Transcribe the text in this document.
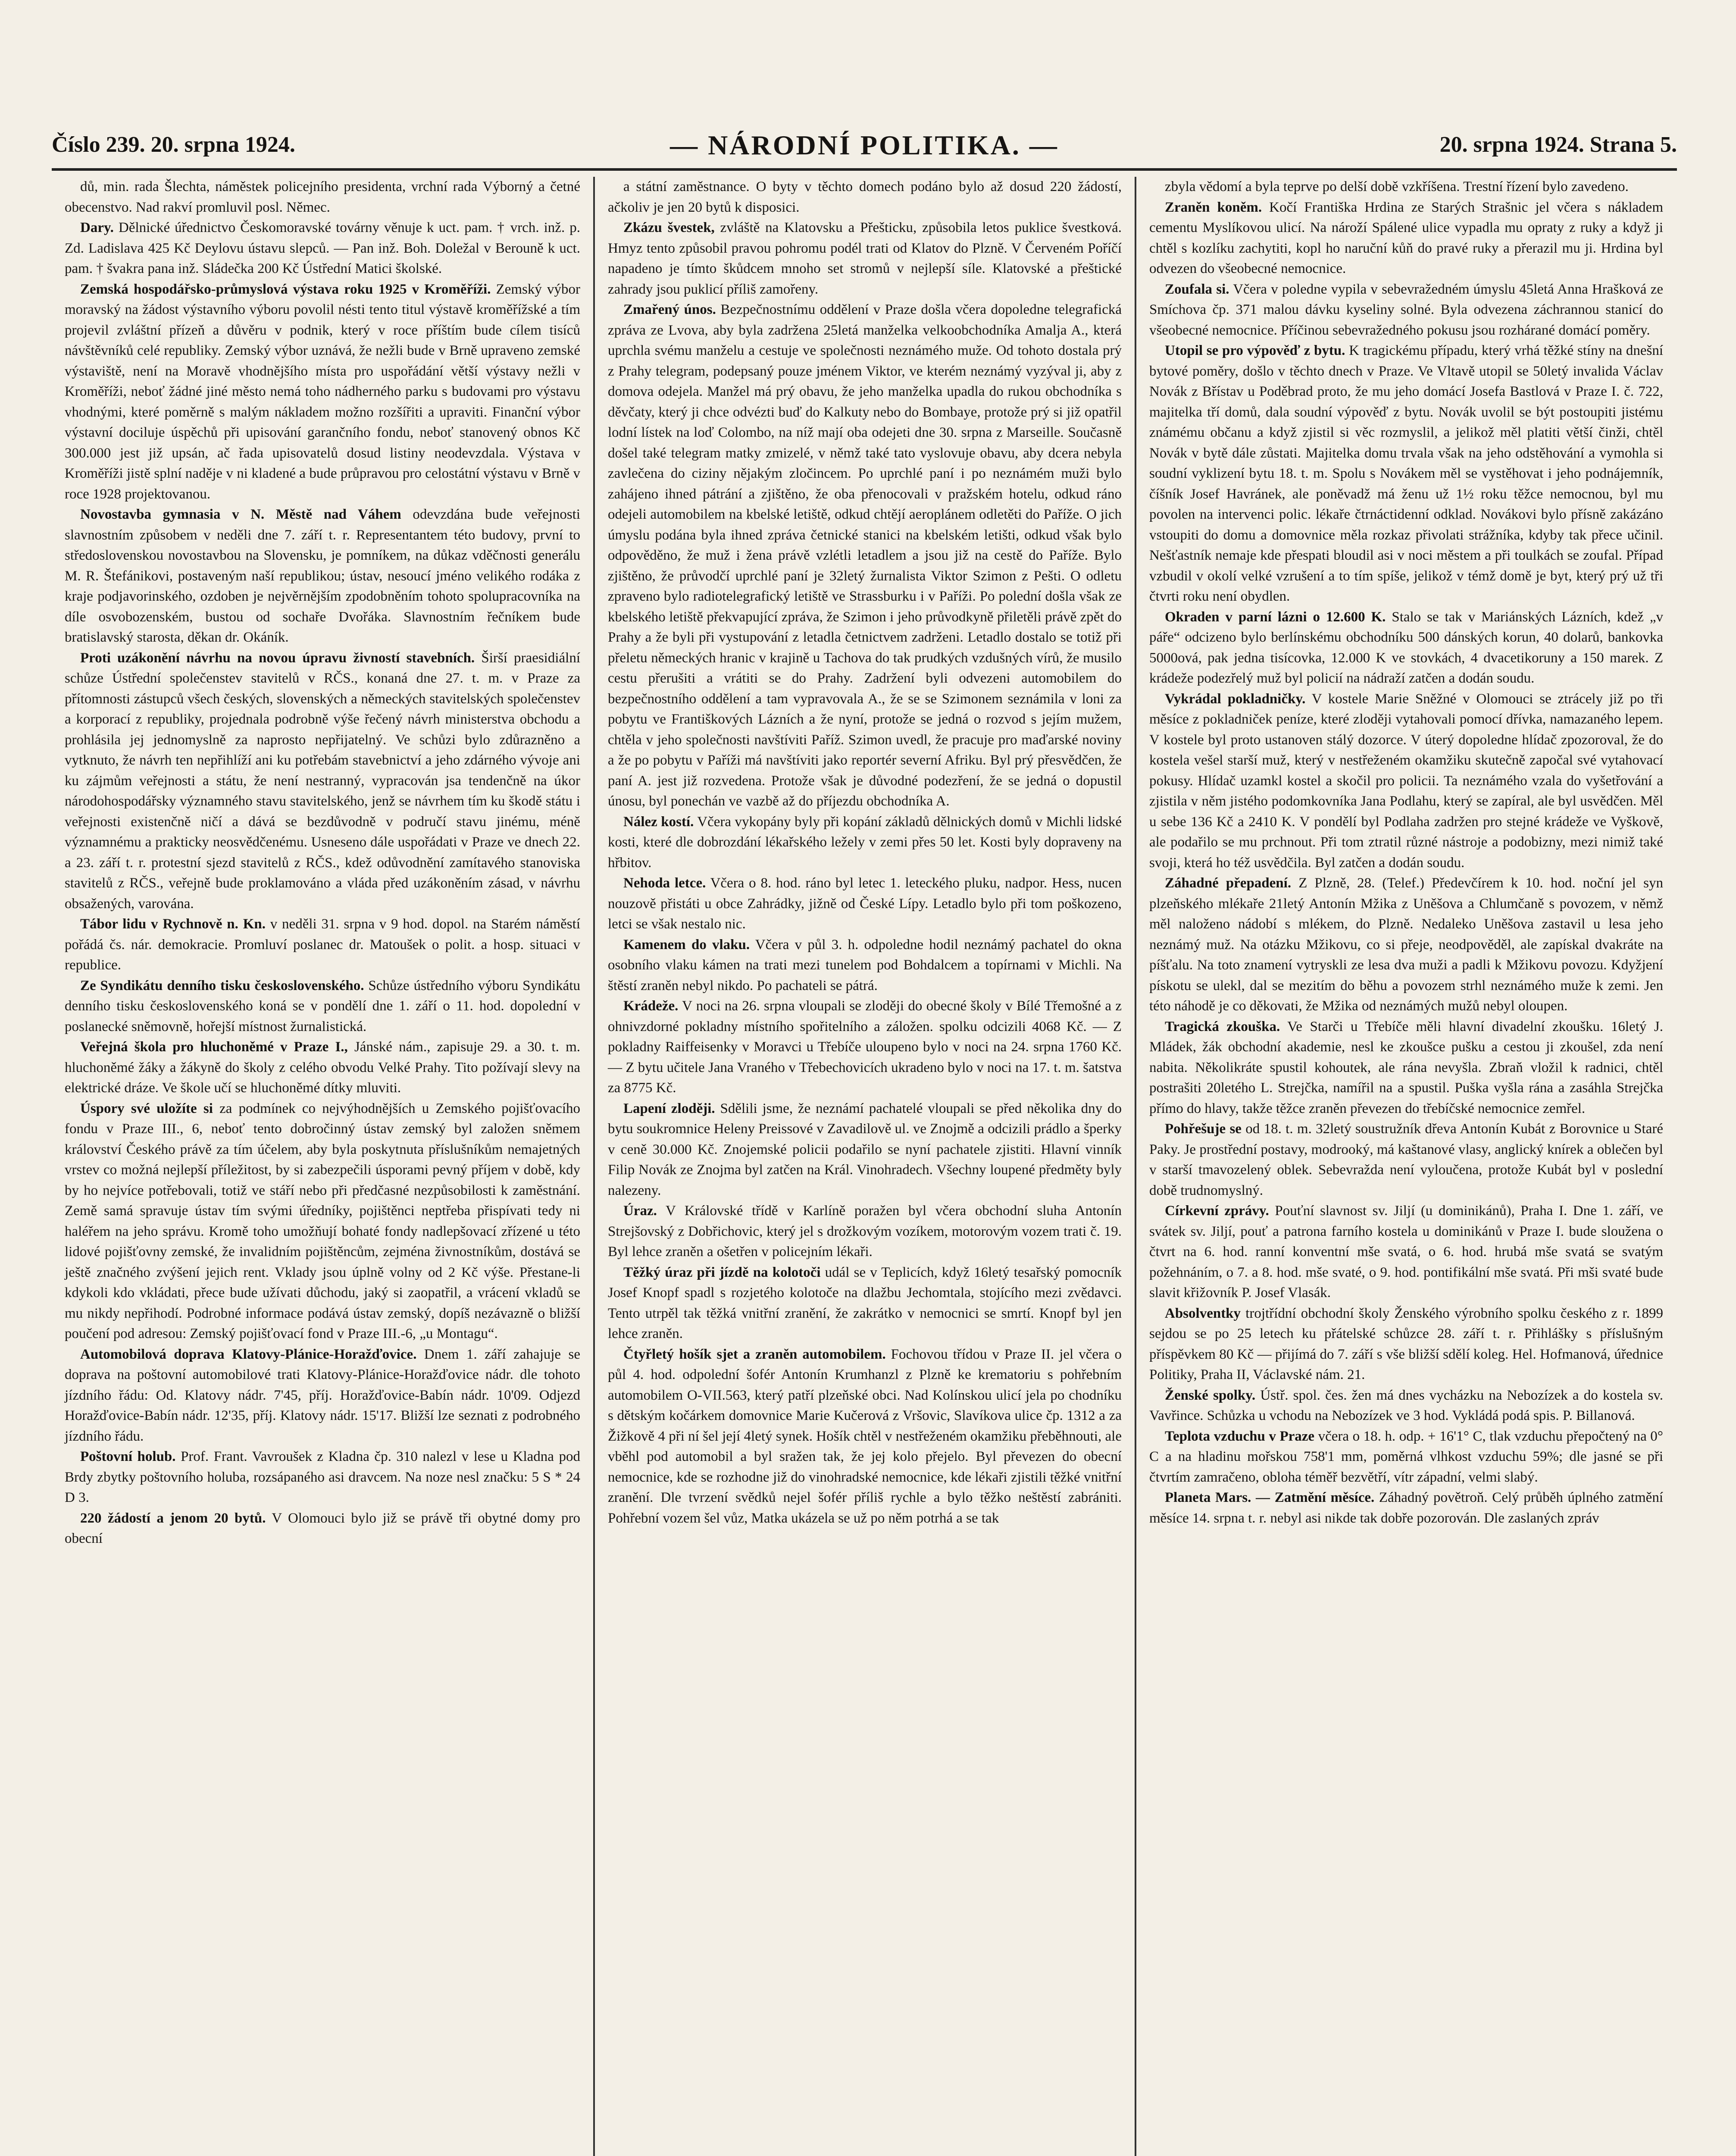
Číslo 239. 20. srpna 1924.	— NÁRODNÍ POLITIKA. —	20. srpna 1924. Strana 5.

dů, min. rada Šlechta, náměstek policejního presidenta, vrchní rada Výborný a četné obecenstvo. Nad rakví promluvil posl. Němec.

Dary. Dělnické úřednictvo Českomoravské továrny věnuje k uct. pam. † vrch. inž. p. Zd. Ladislava 425 Kč Deylovu ústavu slepců. — Pan inž. Boh. Doležal v Berouně k uct. pam. † švakra pana inž. Sládečka 200 Kč Ústřední Matici školské.

Zemská hospodářsko-průmyslová výstava roku 1925 v Kroměříži. Zemský výbor moravský na žádost výstavního výboru povolil nésti tento titul výstavě kroměřížské a tím projevil zvláštní přízeň a důvěru v podnik, který v roce příštím bude cílem tisíců návštěvníků celé republiky. Zemský výbor uznává, že nežli bude v Brně upraveno zemské výstaviště, není na Moravě vhodnějšího místa pro uspořádání větší výstavy nežli v Kroměříži, neboť žádné jiné město nemá toho nádherného parku s budovami pro výstavu vhodnými, které poměrně s malým nákladem možno rozšířiti a upraviti. Finanční výbor výstavní dociluje úspěchů při upisování garančního fondu, neboť stanovený obnos Kč 300.000 jest již upsán, ač řada upisovatelů dosud listiny neodevzdala. Výstava v Kroměříži jistě splní naděje v ni kladené a bude průpravou pro celostátní výstavu v Brně v roce 1928 projektovanou.

Novostavba gymnasia v N. Městě nad Váhem odevzdána bude veřejnosti slavnostním způsobem v neděli dne 7. září t. r. Representantem této budovy, první to středoslovenskou novostavbou na Slovensku, je pomníkem, na důkaz vděčnosti generálu M. R. Štefánikovi, postaveným naší republikou; ústav, nesoucí jméno velikého rodáka z kraje podjavorinského, ozdoben je nejvěrnějším zpodobněním tohoto spolupracovníka na díle osvobozenském, bustou od sochaře Dvořáka. Slavnostním řečníkem bude bratislavský starosta, děkan dr. Okáník.

Proti uzákonění návrhu na novou úpravu živností stavebních. Širší praesidiální schůze Ústřední společenstev stavitelů v RČS., konaná dne 27. t. m. v Praze za přítomnosti zástupců všech českých, slovenských a německých stavitelských společenstev a korporací z republiky, projednala podrobně výše řečený návrh ministerstva obchodu a prohlásila jej jednomyslně za naprosto nepřijatelný. Ve schůzi bylo zdůrazněno a vytknuto, že návrh ten nepřihlíží ani ku potřebám stavebnictví a jeho zdárného vývoje ani ku zájmům veřejnosti a státu, že není nestranný, vypracován jsa tendenčně na úkor národohospodářsky významného stavu stavitelského, jenž se návrhem tím ku škodě státu i veřejnosti existenčně ničí a dává se bezdůvodně v područí stavu jinému, méně významnému a prakticky neosvědčenému. Usneseno dále uspořádati v Praze ve dnech 22. a 23. září t. r. protestní sjezd stavitelů z RČS., kdež odůvodnění zamítavého stanoviska stavitelů z RČS., veřejně bude proklamováno a vláda před uzákoněním zásad, v návrhu obsažených, varována.

Tábor lidu v Rychnově n. Kn. v neděli 31. srpna v 9 hod. dopol. na Starém náměstí pořádá čs. nár. demokracie. Promluví poslanec dr. Matoušek o polit. a hosp. situaci v republice.

Ze Syndikátu denního tisku československého. Schůze ústředního výboru Syndikátu denního tisku československého koná se v pondělí dne 1. září o 11. hod. dopolední v poslanecké sněmovně, hořejší místnost žurnalistická.

Veřejná škola pro hluchoněmé v Praze I., Jánské nám., zapisuje 29. a 30. t. m. hluchoněmé žáky a žákyně do školy z celého obvodu Velké Prahy. Tito požívají slevy na elektrické dráze. Ve škole učí se hluchoněmé dítky mluviti.

Úspory své uložíte si za podmínek co nejvýhodnějších u Zemského pojišťovacího fondu v Praze III., 6, neboť tento dobročinný ústav zemský byl založen sněmem království Českého právě za tím účelem, aby byla poskytnuta příslušníkům nemajetných vrstev co možná nejlepší příležitost, by si zabezpečili úsporami pevný příjem v době, kdy by ho nejvíce potřebovali, totiž ve stáří nebo při předčasné nezpůsobilosti k zaměstnání. Země samá spravuje ústav tím svými úředníky, pojištěnci neptřeba přispívati tedy ni haléřem na jeho správu. Kromě toho umožňují bohaté fondy nadlepšovací zřízené u této lidové pojišťovny zemské, že invalidním pojištěncům, zejména živnostníkům, dostává se ještě značného zvýšení jejich rent. Vklady jsou úplně volny od 2 Kč výše. Přestane-li kdykoli kdo vkládati, přece bude užívati důchodu, jaký si zaopatřil, a vrácení vkladů se mu nikdy nepřihodí. Podrobné informace podává ústav zemský, dopíš nezávazně o bližší poučení pod adresou: Zemský pojišťovací fond v Praze III.-6, „u Montagu“.

Automobilová doprava Klatovy-Plánice-Horažďovice. Dnem 1. září zahajuje se doprava na poštovní automobilové trati Klatovy-Plánice-Horažďovice nádr. dle tohoto jízdního řádu: Od. Klatovy nádr. 7'45, příj. Horažďovice-Babín nádr. 10'09. Odjezd Horažďovice-Babín nádr. 12'35, příj. Klatovy nádr. 15'17. Bližší lze seznati z podrobného jízdního řádu.

Poštovní holub. Prof. Frant. Vavroušek z Kladna čp. 310 nalezl v lese u Kladna pod Brdy zbytky poštovního holuba, rozsápaného asi dravcem. Na noze nesl značku: 5 S * 24 D 3.

220 žádostí a jenom 20 bytů. V Olomouci bylo již se právě tři obytné domy pro obecní

a státní zaměstnance. O byty v těchto domech podáno bylo až dosud 220 žádostí, ačkoliv je jen 20 bytů k disposici.

Zkázu švestek, zvláště na Klatovsku a Přešticku, způsobila letos puklice švestková. Hmyz tento způsobil pravou pohromu podél trati od Klatov do Plzně. V Červeném Poříčí napadeno je tímto škůdcem mnoho set stromů v nejlepší síle. Klatovské a přeštické zahrady jsou puklicí příliš zamořeny.

Zmařený únos. Bezpečnostnímu oddělení v Praze došla včera dopoledne telegrafická zpráva ze Lvova, aby byla zadržena 25letá manželka velkoobchodníka Amalja A., která uprchla svému manželu a cestuje ve společnosti neznámého muže. Od tohoto dostala prý z Prahy telegram, podepsaný pouze jménem Viktor, ve kterém neznámý vyzýval ji, aby z domova odejela. Manžel má prý obavu, že jeho manželka upadla do rukou obchodníka s děvčaty, který ji chce odvézti buď do Kalkuty nebo do Bombaye, protože prý si již opatřil lodní lístek na loď Colombo, na níž mají oba odejeti dne 30. srpna z Marseille. Současně došel také telegram matky zmizelé, v němž také tato vyslovuje obavu, aby dcera nebyla zavlečena do ciziny nějakým zločincem. Po uprchlé paní i po neznámém muži bylo zahájeno ihned pátrání a zjištěno, že oba přenocovali v pražském hotelu, odkud ráno odejeli automobilem na kbelské letiště, odkud chtějí aeroplánem odletěti do Paříže. O jich úmyslu podána byla ihned zpráva četnické stanici na kbelském letišti, odkud však bylo odpověděno, že muž i žena právě vzlétli letadlem a jsou již na cestě do Paříže. Bylo zjištěno, že průvodčí uprchlé paní je 32letý žurnalista Viktor Szimon z Pešti. O odletu zpraveno bylo radiotelegrafický letiště ve Strassburku i v Paříži. Po polední došla však ze kbelského letiště překvapující zpráva, že Szimon i jeho průvodkyně přiletěli právě zpět do Prahy a že byli při vystupování z letadla četnictvem zadrženi. Letadlo dostalo se totiž při přeletu německých hranic v krajině u Tachova do tak prudkých vzdušných vírů, že musilo cestu přerušiti a vrátiti se do Prahy. Zadržení byli odvezeni automobilem do bezpečnostního oddělení a tam vypravovala A., že se se Szimonem seznámila v loni za pobytu ve Františkových Lázních a že nyní, protože se jedná o rozvod s jejím mužem, chtěla v jeho společnosti navštíviti Paříž. Szimon uvedl, že pracuje pro maďarské noviny a že po pobytu v Paříži má navštíviti jako reportér severní Afriku. Byl prý přesvědčen, že paní A. jest již rozvedena. Protože však je důvodné podezření, že se jedná o dopustil únosu, byl ponechán ve vazbě až do příjezdu obchodníka A.

Nález kostí. Včera vykopány byly při kopání základů dělnických domů v Michli lidské kosti, které dle dobrozdání lékařského ležely v zemi přes 50 let. Kosti byly dopraveny na hřbitov.

Nehoda letce. Včera o 8. hod. ráno byl letec 1. leteckého pluku, nadpor. Hess, nucen nouzově přistáti u obce Zahrádky, jižně od České Lípy. Letadlo bylo při tom poškozeno, letci se však nestalo nic.

Kamenem do vlaku. Včera v půl 3. h. odpoledne hodil neznámý pachatel do okna osobního vlaku kámen na trati mezi tunelem pod Bohdalcem a topírnami v Michli. Na štěstí zraněn nebyl nikdo. Po pachateli se pátrá.

Krádeže. V noci na 26. srpna vloupali se zloději do obecné školy v Bílé Třemošné a z ohnivzdorné pokladny místního spořitelního a záložen. spolku odcizili 4068 Kč. — Z pokladny Raiffeisenky v Moravci u Třebíče uloupeno bylo v noci na 24. srpna 1760 Kč. — Z bytu učitele Jana Vraného v Třebechovicích ukradeno bylo v noci na 17. t. m. šatstva za 8775 Kč.

Lapení zloději. Sdělili jsme, že neznámí pachatelé vloupali se před několika dny do bytu soukromnice Heleny Preissové v Zavadilově ul. ve Znojmě a odcizili prádlo a šperky v ceně 30.000 Kč. Znojemské policii podařilo se nyní pachatele zjistiti. Hlavní vinník Filip Novák ze Znojma byl zatčen na Král. Vinohradech. Všechny loupené předměty byly nalezeny.

Úraz. V Královské třídě v Karlíně poražen byl včera obchodní sluha Antonín Strejšovský z Dobřichovic, který jel s drožkovým vozíkem, motorovým vozem trati č. 19. Byl lehce zraněn a ošetřen v policejním lékaři.

Těžký úraz při jízdě na kolotoči udál se v Teplicích, když 16letý tesařský pomocník Josef Knopf spadl s rozjetého kolotoče na dlažbu Jechomtala, stojícího mezi zvědavci. Tento utrpěl tak těžká vnitřní zranění, že zakrátko v nemocnici se smrtí. Knopf byl jen lehce zraněn.

Čtyřletý hošík sjet a zraněn automobilem. Fochovou třídou v Praze II. jel včera o půl 4. hod. odpolední šofér Antonín Krumhanzl z Plzně ke krematoriu s pohřebním automobilem O-VII.563, který patří plzeňské obci. Nad Kolínskou ulicí jela po chodníku s dětským kočárkem domovnice Marie Kučerová z Vršovic, Slavíkova ulice čp. 1312 a za Žižkově 4 při ní šel její 4letý synek. Hošík chtěl v nestřeženém okamžiku přeběhnouti, ale vběhl pod automobil a byl sražen tak, že jej kolo přejelo. Byl převezen do obecní nemocnice, kde se rozhodne již do vinohradské nemocnice, kde lékaři zjistili těžké vnitřní zranění. Dle tvrzení svědků nejel šofér příliš rychle a bylo těžko neštěstí zabrániti. Pohřební vozem šel vůz, Matka ukázela se už po něm potrhá a se tak

zbyla vědomí a byla teprve po delší době vzkříšena. Trestní řízení bylo zavedeno.

Zraněn koněm. Kočí Františka Hrdina ze Starých Strašnic jel včera s nákladem cementu Myslíkovou ulicí. Na nároží Spálené ulice vypadla mu opraty z ruky a když ji chtěl s kozlíku zachytiti, kopl ho naruční kůň do pravé ruky a přerazil mu ji. Hrdina byl odvezen do všeobecné nemocnice.

Zoufala si. Včera v poledne vypila v sebevražedném úmyslu 45letá Anna Hrašková ze Smíchova čp. 371 malou dávku kyseliny solné. Byla odvezena záchrannou stanicí do všeobecné nemocnice. Příčinou sebevražedného pokusu jsou rozhárané domácí poměry.

Utopil se pro výpověď z bytu. K tragickému případu, který vrhá těžké stíny na dnešní bytové poměry, došlo v těchto dnech v Praze. Ve Vltavě utopil se 50letý invalida Václav Novák z Břístav u Poděbrad proto, že mu jeho domácí Josefa Bastlová v Praze I. č. 722, majitelka tří domů, dala soudní výpověď z bytu. Novák uvolil se být postoupiti jistému známému občanu a když zjistil si věc rozmyslil, a jelikož měl platiti větší činži, chtěl Novák v bytě dále zůstati. Majitelka domu trvala však na jeho odstěhování a vymohla si soudní vyklizení bytu 18. t. m. Spolu s Novákem měl se vystěhovat i jeho podnájemník, číšník Josef Havránek, ale poněvadž má ženu už 1½ roku těžce nemocnou, byl mu povolen na intervenci polic. lékaře čtrnáctidenní odklad. Novákovi bylo přísně zakázáno vstoupiti do domu a domovnice měla rozkaz přivolati strážníka, kdyby tak přece učinil. Nešťastník nemaje kde přespati bloudil asi v noci městem a při toulkách se zoufal. Případ vzbudil v okolí velké vzrušení a to tím spíše, jelikož v témž domě je byt, který prý už tři čtvrti roku není obydlen.

Okraden v parní lázni o 12.600 K. Stalo se tak v Mariánských Lázních, kdež „v páře“ odcizeno bylo berlínskému obchodníku 500 dánských korun, 40 dolarů, bankovka 5000ová, pak jedna tisícovka, 12.000 K ve stovkách, 4 dvacetikoruny a 150 marek. Z krádeže podezřelý muž byl policií na nádraží zatčen a dodán soudu.

Vykrádal pokladničky. V kostele Marie Sněžné v Olomouci se ztrácely již po tři měsíce z pokladniček peníze, které zloději vytahovali pomocí dřívka, namazaného lepem. V kostele byl proto ustanoven stálý dozorce. V úterý dopoledne hlídač zpozoroval, že do kostela vešel starší muž, který v nestřeženém okamžiku skutečně započal své vytahovací pokusy. Hlídač uzamkl kostel a skočil pro policii. Ta neznámého vzala do vyšetřování a zjistila v něm jistého podomkovníka Jana Podlahu, který se zapíral, ale byl usvědčen. Měl u sebe 136 Kč a 2410 K. V pondělí byl Podlaha zadržen pro stejné krádeže ve Vyškově, ale podařilo se mu prchnout. Při tom ztratil různé nástroje a podobizny, mezi nimiž také svoji, která ho též usvědčila. Byl zatčen a dodán soudu.

Záhadné přepadení. Z Plzně, 28. (Telef.) Předevčírem k 10. hod. noční jel syn plzeňského mlékaře 21letý Antonín Mžika z Uněšova a Chlumčaně s povozem, v němž měl naloženo nádobí s mlékem, do Plzně. Nedaleko Uněšova zastavil u lesa jeho neznámý muž. Na otázku Mžikovu, co si přeje, neodpověděl, ale zapískal dvakráte na píšťalu. Na toto znamení vytryskli ze lesa dva muži a padli k Mžikovu povozu. Kdyžjení pískotu se ulekl, dal se mezitím do běhu a povozem strhl neznámého muže k zemi. Jen této náhodě je co děkovati, že Mžika od neznámých mužů nebyl oloupen.

Tragická zkouška. Ve Starči u Třebíče měli hlavní divadelní zkoušku. 16letý J. Mládek, žák obchodní akademie, nesl ke zkoušce pušku a cestou ji zkoušel, zda není nabita. Několikráte spustil kohoutek, ale rána nevyšla. Zbraň vložil k radnici, chtěl postrašiti 20letého L. Strejčka, namířil na a spustil. Puška vyšla rána a zasáhla Strejčka přímo do hlavy, takže těžce zraněn převezen do třebíčské nemocnice zemřel.

Pohřešuje se od 18. t. m. 32letý soustružník dřeva Antonín Kubát z Borovnice u Staré Paky. Je prostřední postavy, modrooký, má kaštanové vlasy, anglický knírek a oblečen byl v starší tmavozelený oblek. Sebevražda není vyloučena, protože Kubát byl v poslední době trudnomyslný.

Církevní zprávy. Pouťní slavnost sv. Jiljí (u dominikánů), Praha I. Dne 1. září, ve svátek sv. Jiljí, pouť a patrona farního kostela u dominikánů v Praze I. bude sloužena o čtvrt na 6. hod. ranní konventní mše svatá, o 6. hod. hrubá mše svatá se svatým požehnáním, o 7. a 8. hod. mše svaté, o 9. hod. pontifikální mše svatá. Při mši svaté bude slavit křižovník P. Josef Vlasák.

Absolventky trojtřídní obchodní školy Ženského výrobního spolku českého z r. 1899 sejdou se po 25 letech ku přátelské schůzce 28. září t. r. Přihlášky s příslušným příspěvkem 80 Kč — přijímá do 7. září s vše bližší sdělí koleg. Hel. Hofmanová, úřednice Politiky, Praha II, Václavské nám. 21.

Ženské spolky. Ústř. spol. čes. žen má dnes vycházku na Nebozízek a do kostela sv. Vavřince. Schůzka u vchodu na Nebozízek ve 3 hod. Vykládá podá spis. P. Billanová.

Teplota vzduchu v Praze včera o 18. h. odp. + 16'1° C, tlak vzduchu přepočtený na 0° C a na hladinu mořskou 758'1 mm, poměrná vlhkost vzduchu 59%; dle jasné se při čtvrtím zamračeno, obloha téměř bezvětří, vítr západní, velmi slabý.

Planeta Mars. — Zatmění měsíce. Záhadný povětroň. Celý průběh úplného zatmění měsíce 14. srpna t. r. nebyl asi nikde tak dobře pozorován. Dle zaslaných zpráv
